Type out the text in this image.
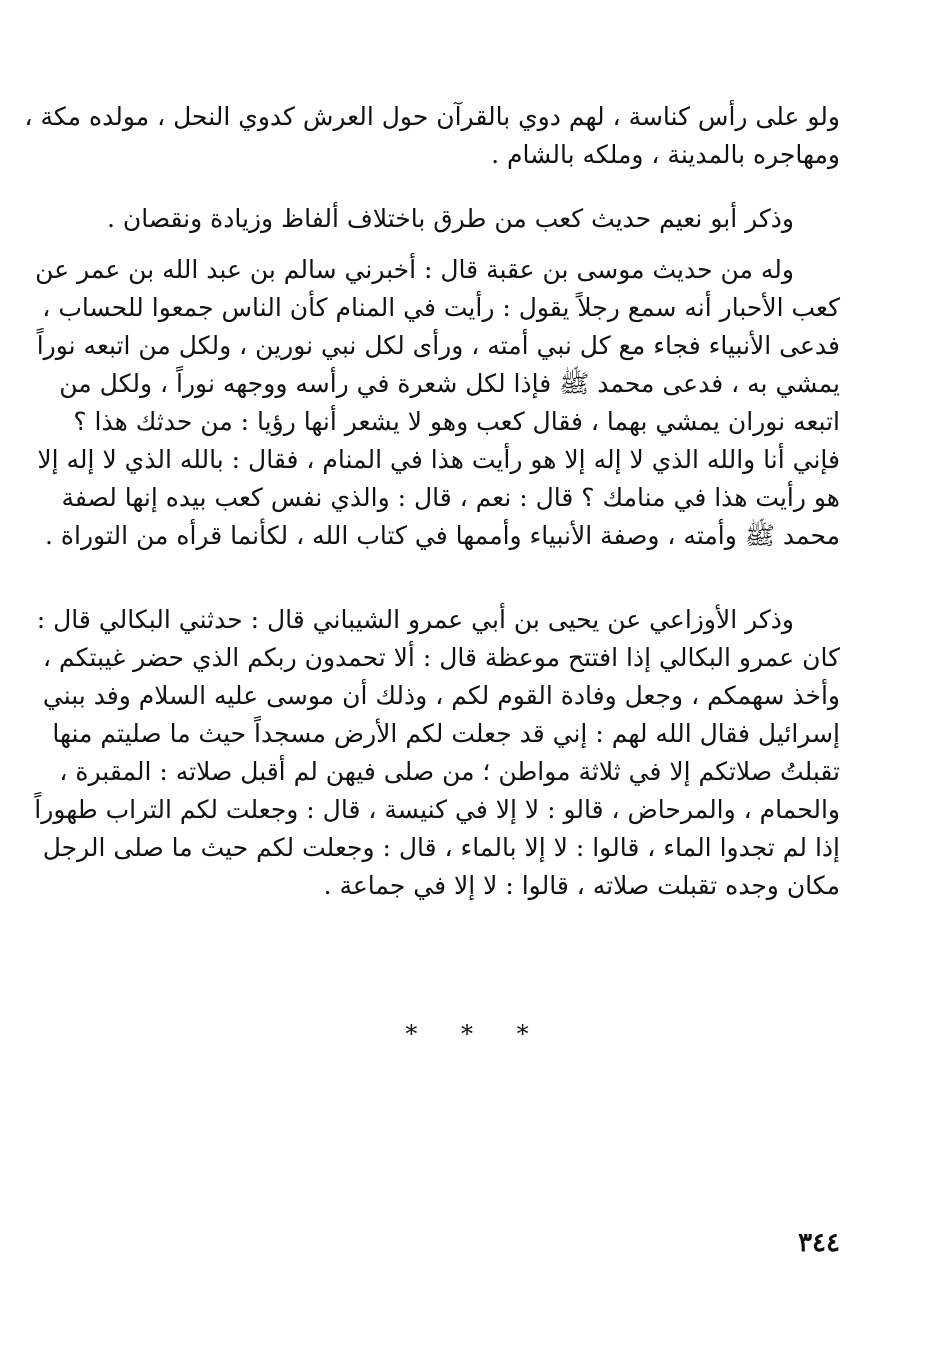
ولو على رأس كناسة ، لهم دوي بالقرآن حول العرش كدوي النحل ، مولده مكة ،
ومهاجره بالمدينة ، وملكه بالشام .
وذكر أبو نعيم حديث كعب من طرق باختلاف ألفاظ وزيادة ونقصان .
وله من حديث موسى بن عقبة قال : أخبرني سالم بن عبد الله بن عمر عن
كعب الأحبار أنه سمع رجلاً يقول : رأيت في المنام كأن الناس جمعوا للحساب ،
فدعى الأنبياء فجاء مع كل نبي أمته ، ورأى لكل نبي نورين ، ولكل من اتبعه نوراً
يمشي به ، فدعى محمد ﷺ فإذا لكل شعرة في رأسه ووجهه نوراً ، ولكل من
اتبعه نوران يمشي بهما ، فقال كعب وهو لا يشعر أنها رؤيا : من حدثك هذا ؟
فإني أنا والله الذي لا إله إلا هو رأيت هذا في المنام ، فقال : بالله الذي لا إله إلا
هو رأيت هذا في منامك ؟ قال : نعم ، قال : والذي نفس كعب بيده إنها لصفة
محمد ﷺ وأمته ، وصفة الأنبياء وأممها في كتاب الله ، لكأنما قرأه من التوراة .
وذكر الأوزاعي عن يحيى بن أبي عمرو الشيباني قال : حدثني البكالي قال :
كان عمرو البكالي إذا افتتح موعظة قال : ألا تحمدون ربكم الذي حضر غيبتكم ،
وأخذ سهمكم ، وجعل وفادة القوم لكم ، وذلك أن موسى عليه السلام وفد ببني
إسرائيل فقال الله لهم : إني قد جعلت لكم الأرض مسجداً حيث ما صليتم منها
تقبلتُ صلاتكم إلا في ثلاثة مواطن ؛ من صلى فيهن لم أقبل صلاته : المقبرة ،
والحمام ، والمرحاض ، قالو : لا إلا في كنيسة ، قال : وجعلت لكم التراب طهوراً
إذا لم تجدوا الماء ، قالوا : لا إلا بالماء ، قال : وجعلت لكم حيث ما صلى الرجل
مكان وجده تقبلت صلاته ، قالوا : لا إلا في جماعة .
* * *
٣٤٤
